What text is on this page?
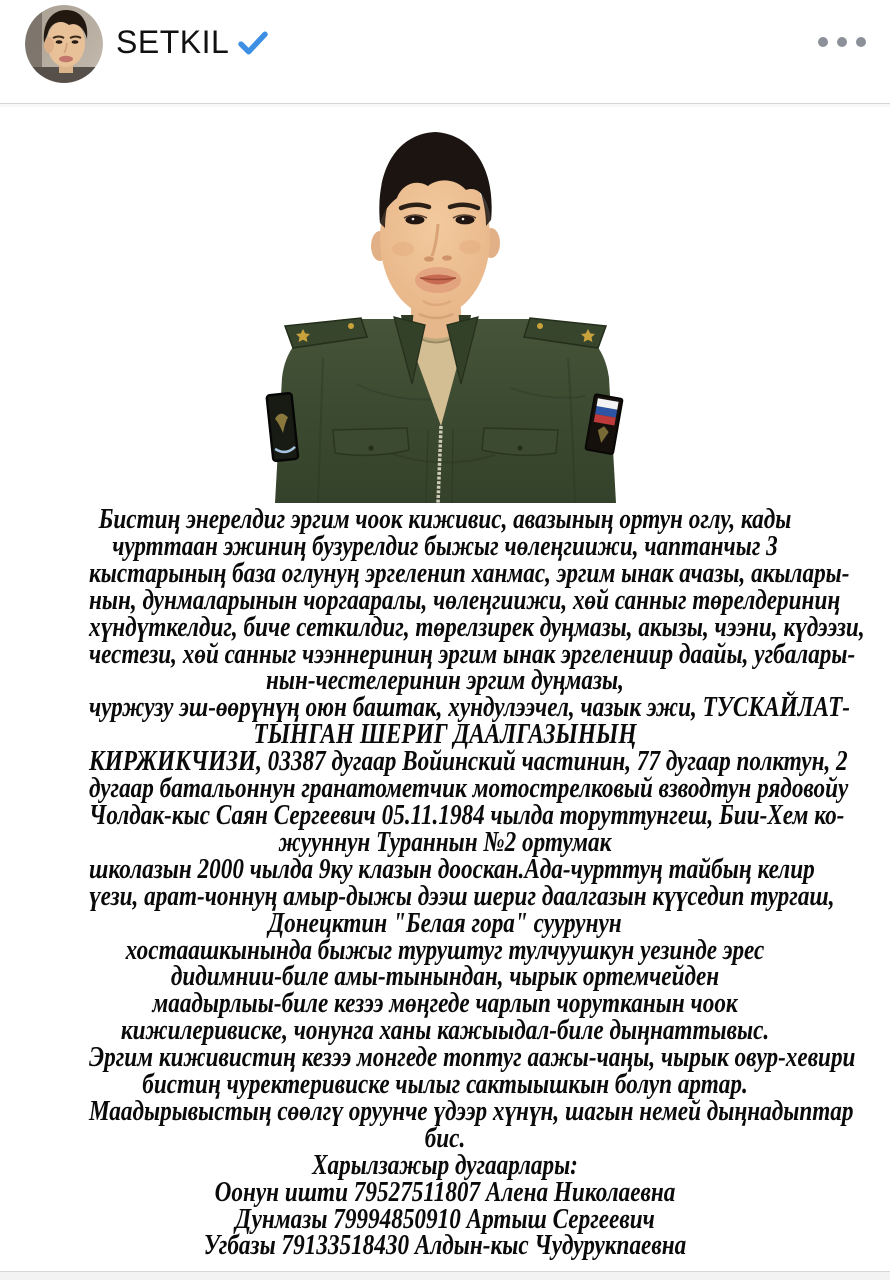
SETKIL
Бистиң энерелдиг эргим чоок киживис, авазының ортун оглу, кады
чурттаан эжиниң бузурелдиг быжыг чөлеңгиижи, чаптанчыг 3
кыстарының база оглунуң эргеленип ханмас, эргим ынак ачазы, акылары-
нын, дунмаларынын чоргааралы, чөлеңгиижи, хөй санныг төрелдериниң
хүндүткелдиг, биче сеткилдиг, төрелзирек дуңмазы, акызы, чээни, күдээзи,
честези, хөй санныг чээннериниң эргим ынак эргелениир даайы, угбалары-
нын-честелеринин эргим дуңмазы,
чуржузу эш-өөрүнүң оюн баштак, хундулээчел, чазык эжи, ТУСКАЙЛАТ-
ТЫНГАН ШЕРИГ ДААЛГАЗЫНЫҢ
КИРЖИКЧИЗИ, 03387 дугаар Войинский частинин, 77 дугаар полктун, 2
дугаар батальоннун гранатометчик мотострелковый взводтун рядовойу
Чолдак-кыс Саян Сергеевич 05.11.1984 чылда торуттунгеш, Бии-Хем ко-
жууннун Тураннын №2 ортумак
школазын 2000 чылда 9ку клазын дооскан.Ада-чурттуң тайбың келир
үези, арат-чоннуң амыр-дыжы дээш шериг даалгазын күүседип тургаш,
Донецктин "Белая гора" суурунун
хостаашкынында быжыг туруштуг тулчуушкун уезинде эрес
дидимнии-биле амы-тынындан, чырык ортемчейден
маадырлыы-биле кезээ мөңгеде чарлып чорутканын чоок
кижилеривиске, чонунга ханы кажыыдал-биле дыңнаттывыс.
Эргим киживистиң кезээ монгеде топтуг аажы-чаңы, чырык овур-хевири
бистиң чуректеривиске чылыг сактыышкын болуп артар.
Маадырывыстың сөөлгү оруунче үдээр хүнүн, шагын немей дыңнадыптар
бис.
Харылзажыр дугаарлары:
Оонун ишти 79527511807 Алена Николаевна
Дунмазы 79994850910 Артыш Сергеевич
Угбазы 79133518430 Алдын-кыс Чудурукпаевна
